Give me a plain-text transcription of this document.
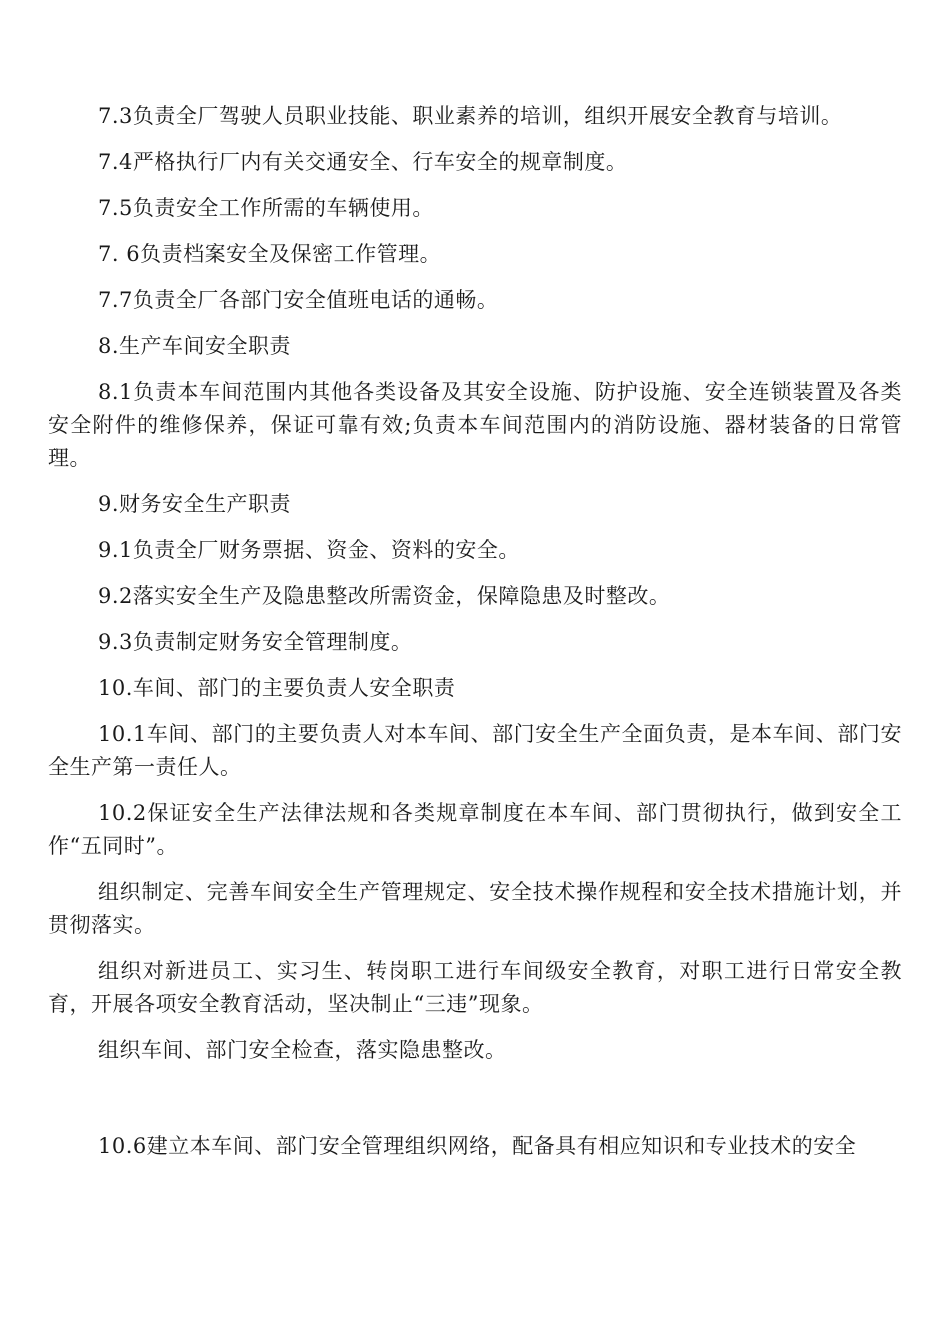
7.3负责全厂驾驶人员职业技能、职业素养的培训，组织开展安全教育与培训。

7.4严格执行厂内有关交通安全、行车安全的规章制度。

7.5负责安全工作所需的车辆使用。

7. 6负责档案安全及保密工作管理。

7.7负责全厂各部门安全值班电话的通畅。

8.生产车间安全职责

8.1负责本车间范围内其他各类设备及其安全设施、防护设施、安全连锁装置及各类安全附件的维修保养，保证可靠有效;负责本车间范围内的消防设施、器材装备的日常管理。

9.财务安全生产职责

9.1负责全厂财务票据、资金、资料的安全。

9.2落实安全生产及隐患整改所需资金，保障隐患及时整改。

9.3负责制定财务安全管理制度。

10.车间、部门的主要负责人安全职责

10.1车间、部门的主要负责人对本车间、部门安全生产全面负责，是本车间、部门安全生产第一责任人。

10.2保证安全生产法律法规和各类规章制度在本车间、部门贯彻执行，做到安全工作“五同时”。

组织制定、完善车间安全生产管理规定、安全技术操作规程和安全技术措施计划，并贯彻落实。

组织对新进员工、实习生、转岗职工进行车间级安全教育，对职工进行日常安全教育，开展各项安全教育活动，坚决制止“三违”现象。

组织车间、部门安全检查，落实隐患整改。

10.6建立本车间、部门安全管理组织网络，配备具有相应知识和专业技术的安全
